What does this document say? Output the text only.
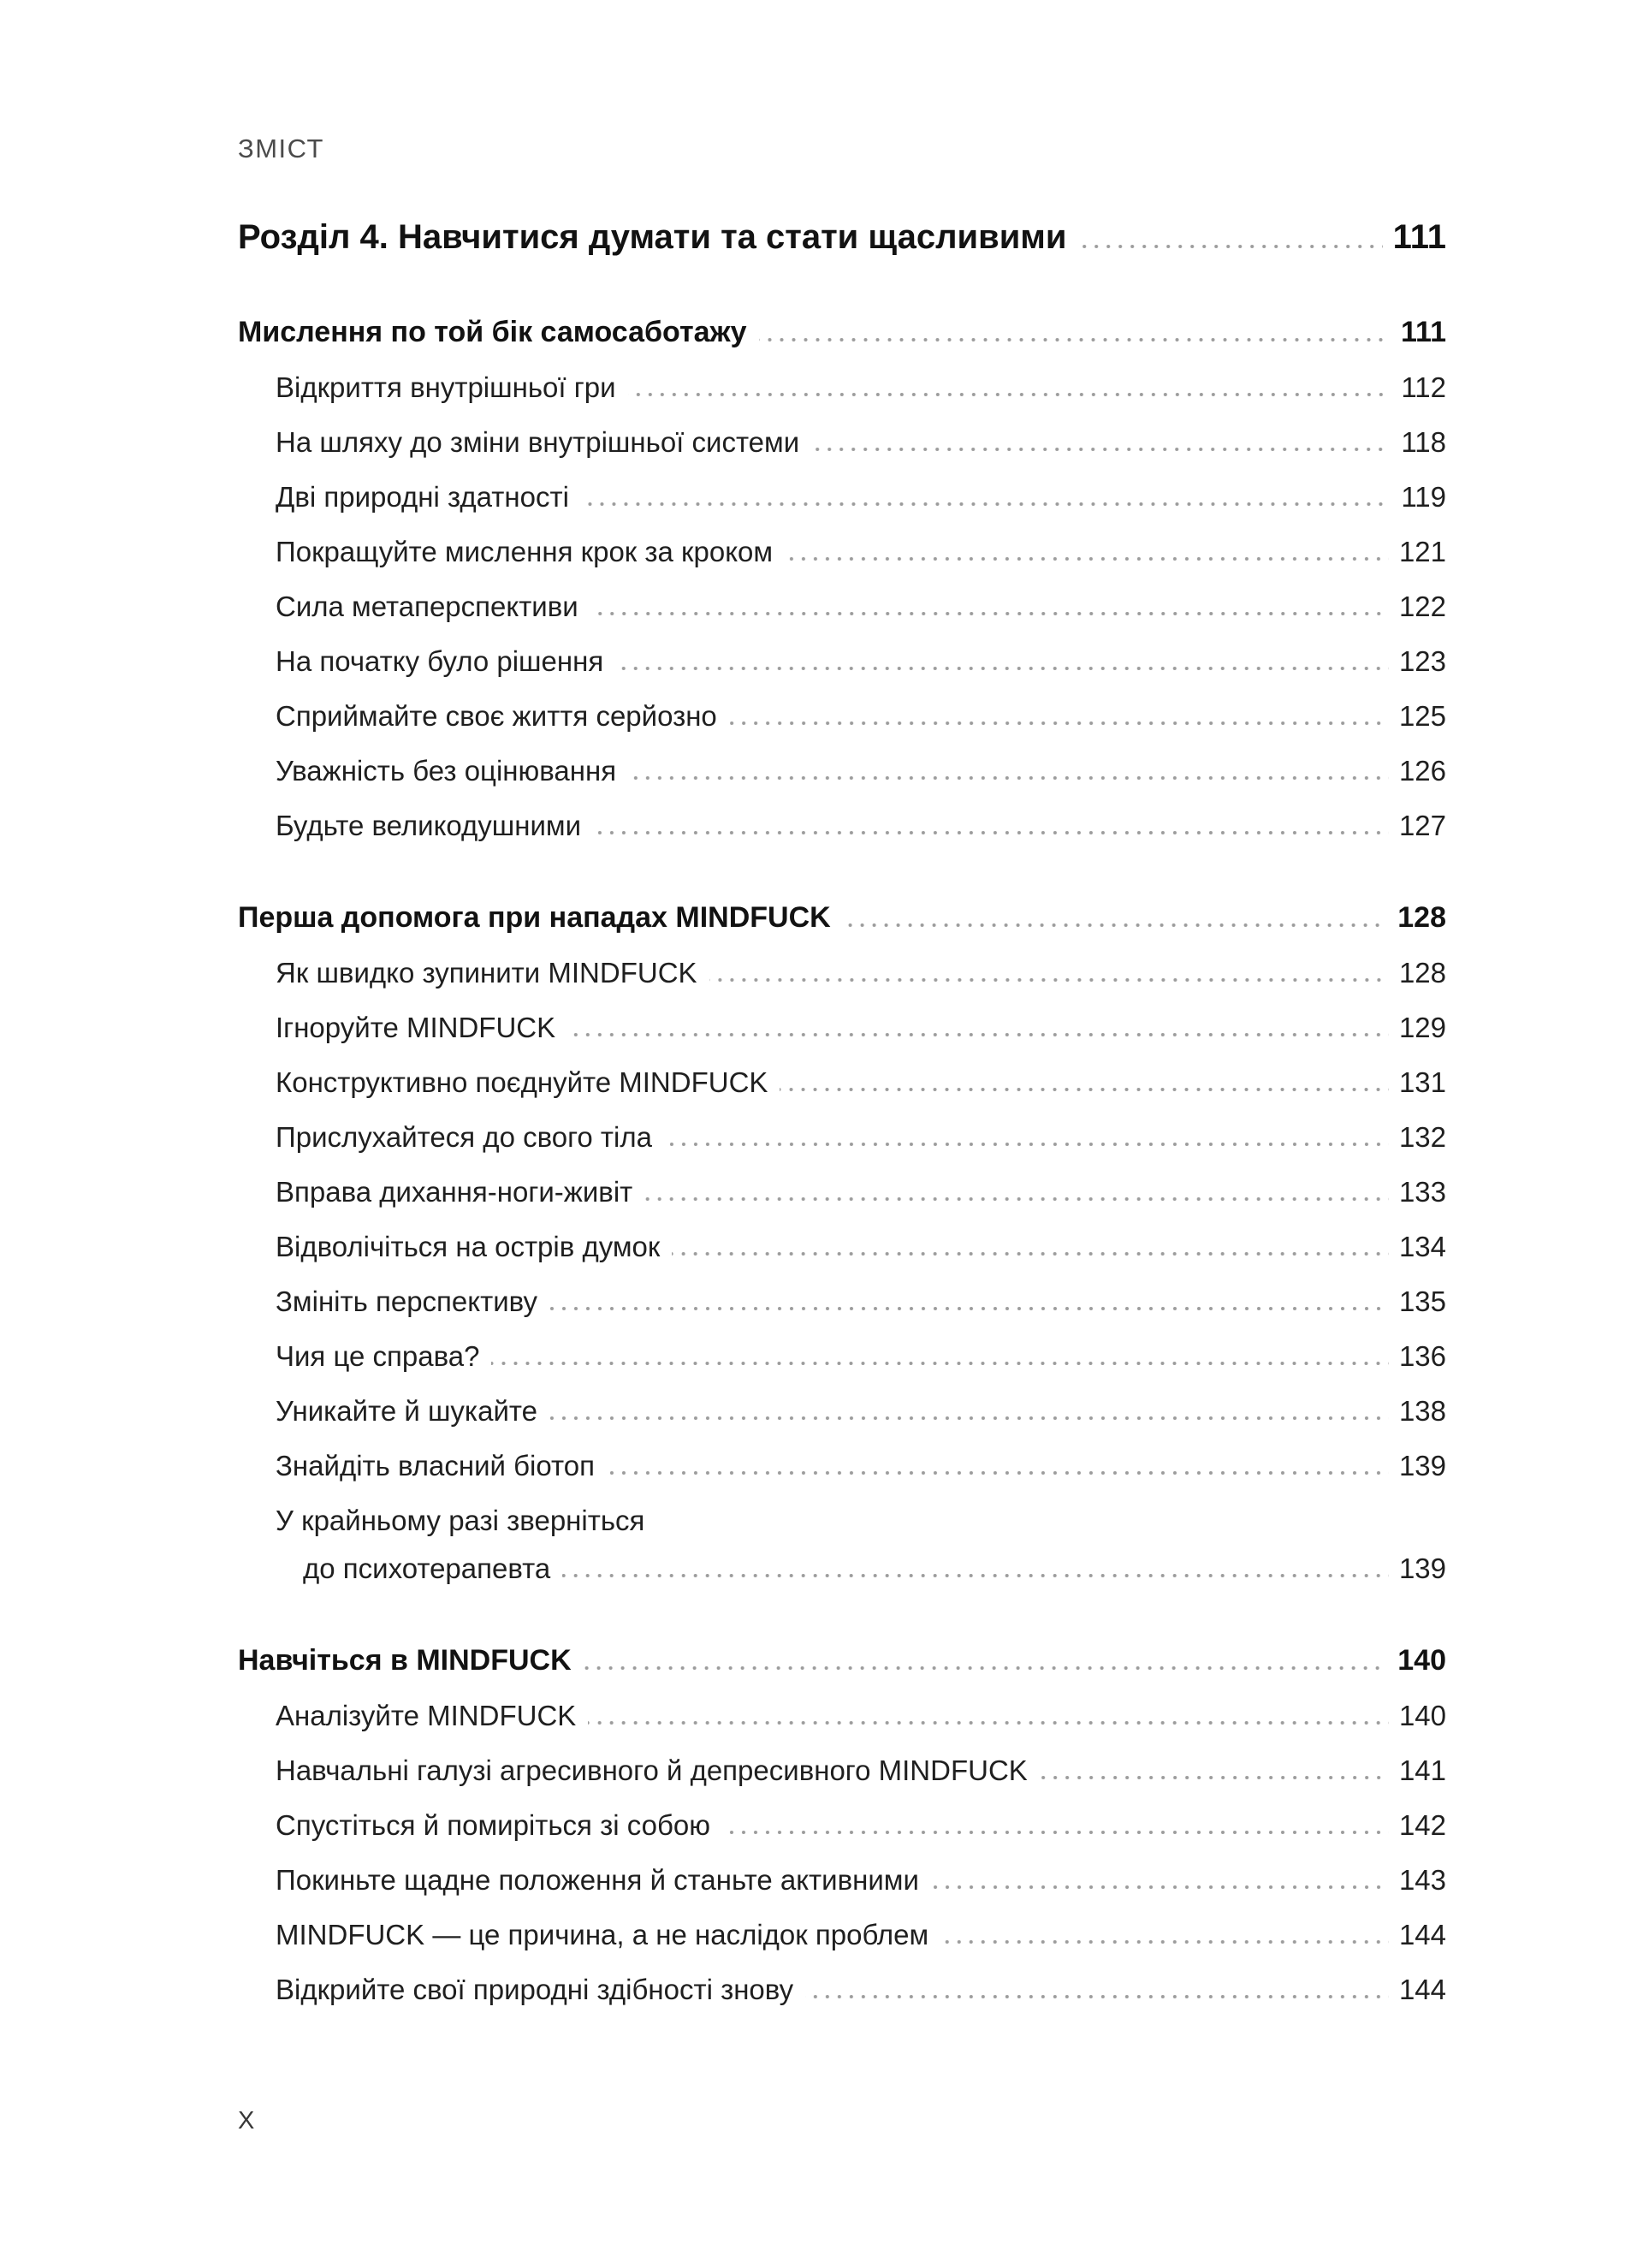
ЗМІСТ
Розділ 4. Навчитися думати та стати щасливими	111
Мислення по той бік самосаботажу	111
Відкриття внутрішньої гри	112
На шляху до зміни внутрішньої системи	118
Дві природні здатності	119
Покращуйте мислення крок за кроком	121
Сила метаперспективи	122
На початку було рішення	123
Сприймайте своє життя серйозно	125
Уважність без оцінювання	126
Будьте великодушними	127
Перша допомога при нападах MINDFUCK	128
Як швидко зупинити MINDFUCK	128
Ігноруйте MINDFUCK	129
Конструктивно поєднуйте MINDFUCK	131
Прислухайтеся до свого тіла	132
Вправа дихання-ноги-живіт	133
Відволічіться на острів думок	134
Змініть перспективу	135
Чия це справа?	136
Уникайте й шукайте	138
Знайдіть власний біотоп	139
У крайньому разі зверніться
до психотерапевта	139
Навчіться в MINDFUCK	140
Аналізуйте MINDFUCK	140
Навчальні галузі агресивного й депресивного MINDFUCK	141
Спустіться й помиріться зі собою	142
Покиньте щадне положення й станьте активними	143
MINDFUCK — це причина, а не наслідок проблем	144
Відкрийте свої природні здібності знову	144
X
